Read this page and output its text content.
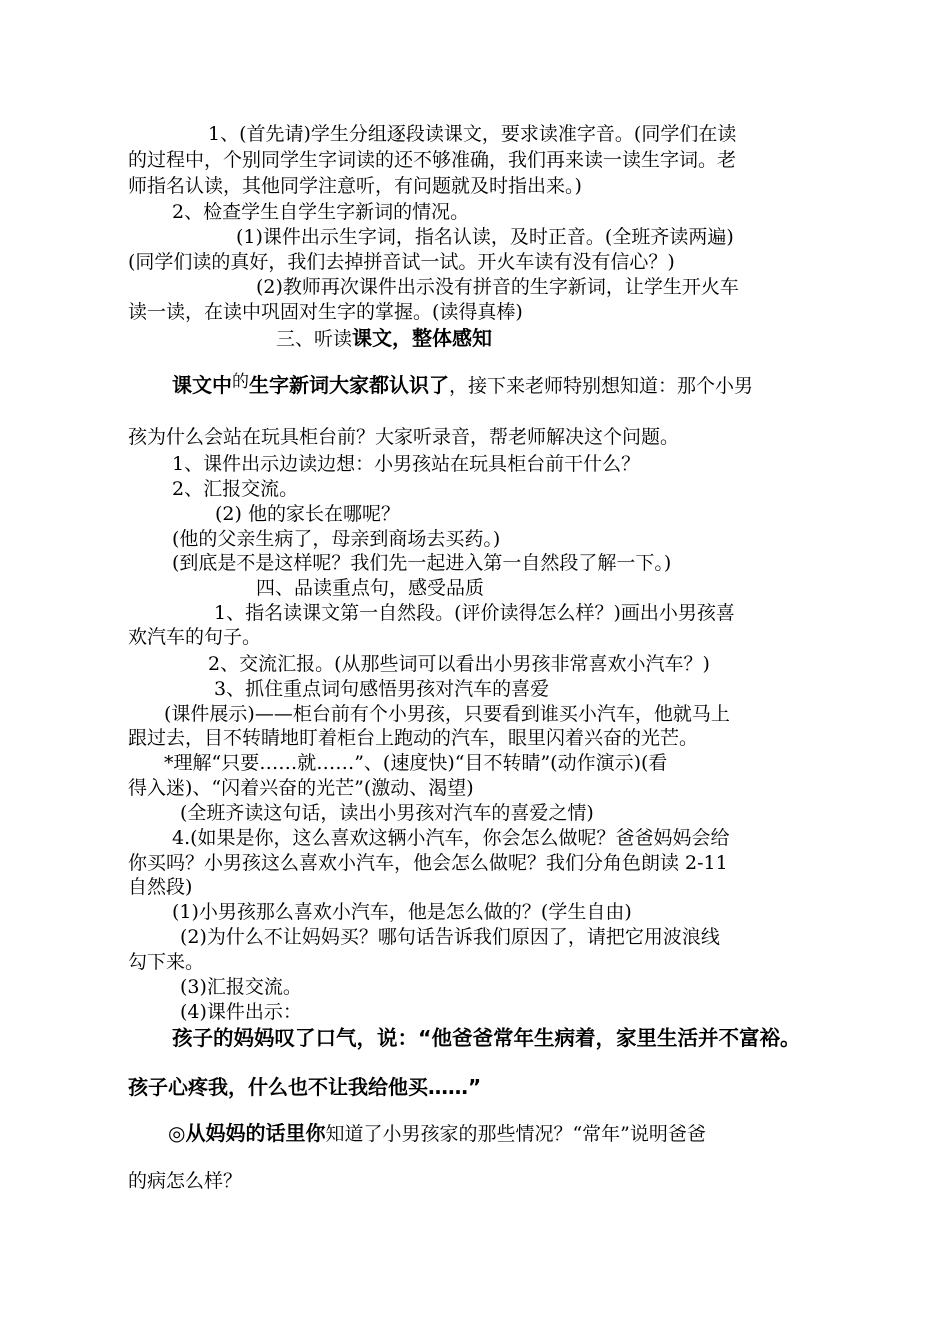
1、(首先请)学生分组逐段读课文，要求读准字音。(同学们在读
的过程中，个别同学生字词读的还不够准确，我们再来读一读生字词。老
师指名认读，其他同学注意听，有问题就及时指出来。)
2、检查学生自学生字新词的情况。
(1)课件出示生字词，指名认读，及时正音。(全班齐读两遍)
(同学们读的真好，我们去掉拼音试一试。开火车读有没有信心？)
(2)教师再次课件出示没有拼音的生字新词，让学生开火车
读一读，在读中巩固对生字的掌握。(读得真棒)
三、听读课文，整体感知
课文中的生字新词大家都认识了，接下来老师特别想知道：那个小男
孩为什么会站在玩具柜台前？大家听录音，帮老师解决这个问题。
1、课件出示边读边想：小男孩站在玩具柜台前干什么？
2、汇报交流。
(2) 他的家长在哪呢？
(他的父亲生病了，母亲到商场去买药。)
(到底是不是这样呢？我们先一起进入第一自然段了解一下。)
四、品读重点句，感受品质
1、指名读课文第一自然段。(评价读得怎么样？)画出小男孩喜
欢汽车的句子。
2、交流汇报。(从那些词可以看出小男孩非常喜欢小汽车？)
3、抓住重点词句感悟男孩对汽车的喜爱
(课件展示)——柜台前有个小男孩，只要看到谁买小汽车，他就马上
跟过去，目不转睛地盯着柜台上跑动的汽车，眼里闪着兴奋的光芒。
*理解“只要……就……”、(速度快)“目不转睛”(动作演示)(看
得入迷)、“闪着兴奋的光芒”(激动、渴望)
(全班齐读这句话，读出小男孩对汽车的喜爱之情)
4.(如果是你，这么喜欢这辆小汽车，你会怎么做呢？爸爸妈妈会给
你买吗？小男孩这么喜欢小汽车，他会怎么做呢？我们分角色朗读 2-11
自然段)
(1)小男孩那么喜欢小汽车，他是怎么做的？(学生自由)
(2)为什么不让妈妈买？哪句话告诉我们原因了，请把它用波浪线
勾下来。
(3)汇报交流。
(4)课件出示：
孩子的妈妈叹了口气，说：“他爸爸常年生病着，家里生活并不富裕。
孩子心疼我，什么也不让我给他买……”
◎从妈妈的话里你知道了小男孩家的那些情况？“常年”说明爸爸
的病怎么样？
